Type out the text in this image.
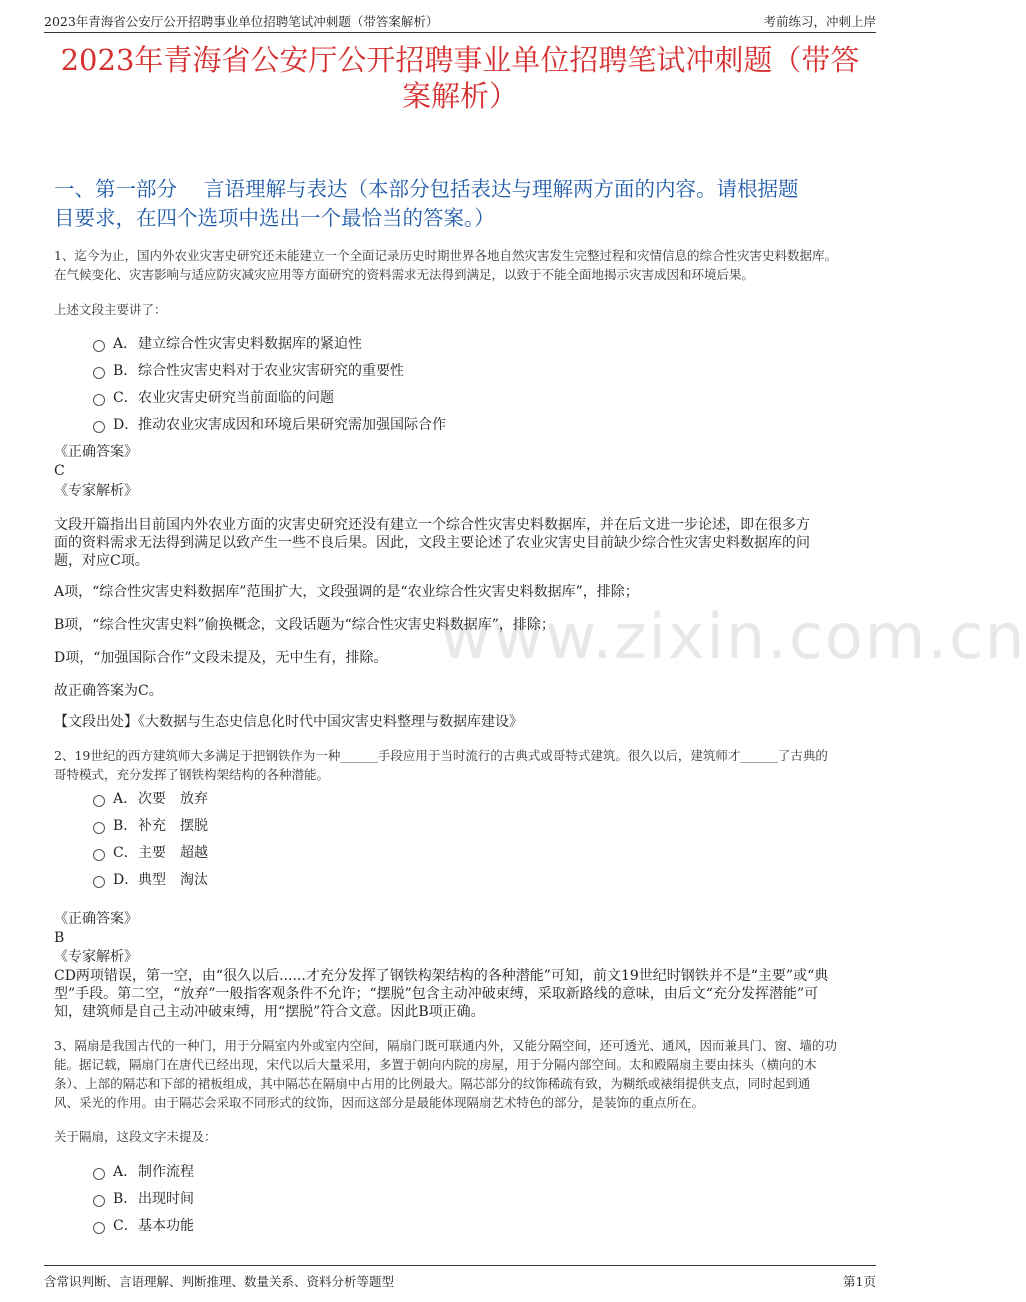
2023年青海省公安厅公开招聘事业单位招聘笔试冲刺题（带答案解析）	考前练习，冲刺上岸
2023年青海省公安厅公开招聘事业单位招聘笔试冲刺题（带答
案解析）
一、第一部分　 言语理解与表达（本部分包括表达与理解两方面的内容。请根据题
目要求，在四个选项中选出一个最恰当的答案。）
www.zixin.com.cn
1、迄今为止，国内外农业灾害史研究还未能建立一个全面记录历史时期世界各地自然灾害发生完整过程和灾情信息的综合性灾害史料数据库。
在气候变化、灾害影响与适应防灾减灾应用等方面研究的资料需求无法得到满足，以致于不能全面地揭示灾害成因和环境后果。
上述文段主要讲了：
A． 建立综合性灾害史料数据库的紧迫性
B． 综合性灾害史料对于农业灾害研究的重要性
C． 农业灾害史研究当前面临的问题
D． 推动农业灾害成因和环境后果研究需加强国际合作
《正确答案》
C
《专家解析》
文段开篇指出目前国内外农业方面的灾害史研究还没有建立一个综合性灾害史料数据库，并在后文进一步论述，即在很多方
面的资料需求无法得到满足以致产生一些不良后果。因此，文段主要论述了农业灾害史目前缺少综合性灾害史料数据库的问
题，对应C项。
A项，“综合性灾害史料数据库”范围扩大，文段强调的是“农业综合性灾害史料数据库”，排除；
B项，“综合性灾害史料”偷换概念，文段话题为“综合性灾害史料数据库”，排除；
D项，“加强国际合作”文段未提及，无中生有，排除。
故正确答案为C。
【文段出处】《大数据与生态史信息化时代中国灾害史料整理与数据库建设》
2、19世纪的西方建筑师大多满足于把钢铁作为一种______手段应用于当时流行的古典式或哥特式建筑。很久以后，建筑师才______了古典的
哥特模式，充分发挥了钢铁构架结构的各种潜能。
A． 次要　放弃
B． 补充　摆脱
C． 主要　超越
D． 典型　淘汰
《正确答案》
B
《专家解析》
CD两项错误，第一空，由“很久以后......才充分发挥了钢铁构架结构的各种潜能”可知，前文19世纪时钢铁并不是“主要”或“典
型”手段。第二空，“放弃”一般指客观条件不允许；“摆脱”包含主动冲破束缚，采取新路线的意味，由后文“充分发挥潜能”可
知，建筑师是自己主动冲破束缚，用“摆脱”符合文意。因此B项正确。
3、隔扇是我国古代的一种门，用于分隔室内外或室内空间，隔扇门既可联通内外，又能分隔空间，还可透光、通风，因而兼具门、窗、墙的功
能。据记载，隔扇门在唐代已经出现，宋代以后大量采用，多置于朝向内院的房屋，用于分隔内部空间。太和殿隔扇主要由抹头（横向的木
条）、上部的隔芯和下部的裙板组成，其中隔芯在隔扇中占用的比例最大。隔芯部分的纹饰稀疏有致，为糊纸或裱绢提供支点，同时起到通
风、采光的作用。由于隔芯会采取不同形式的纹饰，因而这部分是最能体现隔扇艺术特色的部分，是装饰的重点所在。
关于隔扇，这段文字未提及：
A． 制作流程
B． 出现时间
C． 基本功能
含常识判断、言语理解、判断推理、数量关系、资料分析等题型	第1页
